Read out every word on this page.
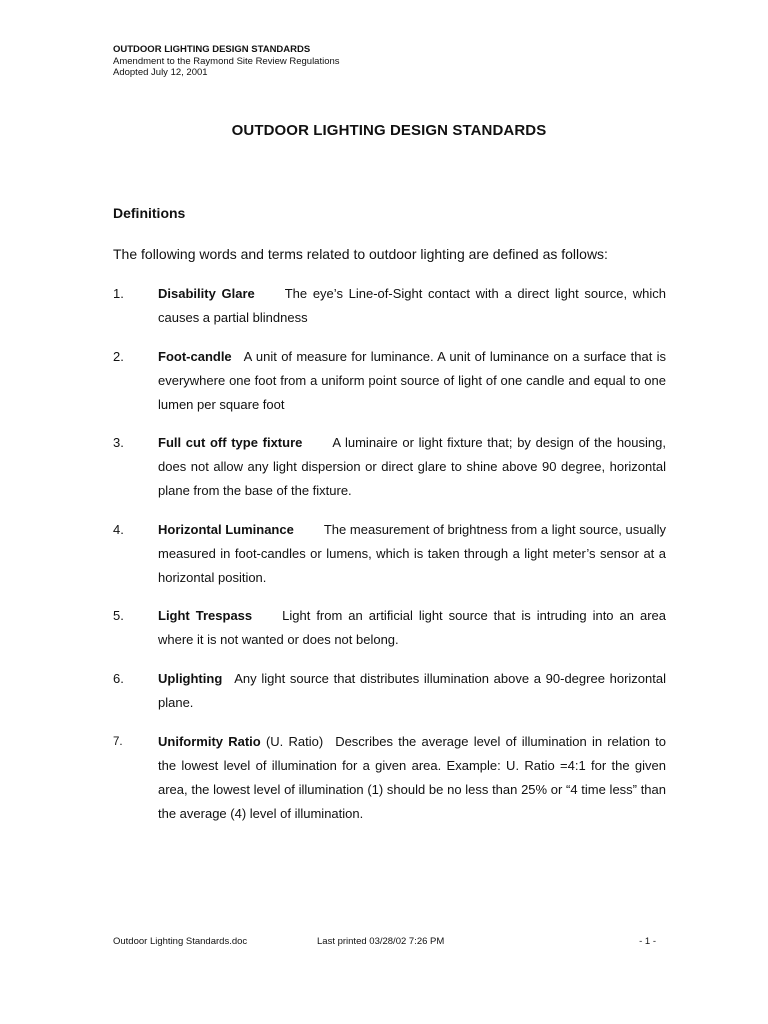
OUTDOOR LIGHTING DESIGN STANDARDS
Amendment to the Raymond Site Review Regulations
Adopted July 12, 2001
OUTDOOR LIGHTING DESIGN STANDARDS
Definitions
The following words and terms related to outdoor lighting are defined as follows:
1.	Disability Glare The eye’s Line-of-Sight contact with a direct light source, which causes a partial blindness
2.	Foot-candle A unit of measure for luminance. A unit of luminance on a surface that is everywhere one foot from a uniform point source of light of one candle and equal to one lumen per square foot
3.	Full cut off type fixture A luminaire or light fixture that; by design of the housing, does not allow any light dispersion or direct glare to shine above 90 degree, horizontal plane from the base of the fixture.
4.	Horizontal Luminance The measurement of brightness from a light source, usually measured in foot-candles or lumens, which is taken through a light meter’s sensor at a horizontal position.
5.	Light Trespass Light from an artificial light source that is intruding into an area where it is not wanted or does not belong.
6.	Uplighting Any light source that distributes illumination above a 90-degree horizontal plane.
7.	Uniformity Ratio (U. Ratio) Describes the average level of illumination in relation to the lowest level of illumination for a given area. Example: U. Ratio =4:1 for the given area, the lowest level of illumination (1) should be no less than 25% or “4 time less” than the average (4) level of illumination.
Outdoor Lighting Standards.doc	Last printed 03/28/02 7:26 PM	- 1 -
